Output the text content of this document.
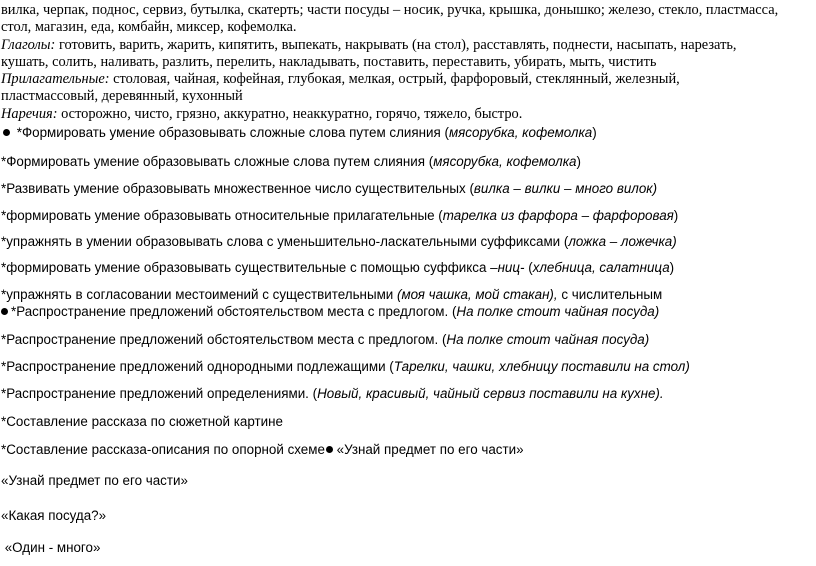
вилка, черпак, поднос, сервиз, бутылка, скатерть; части посуды – носик, ручка, крышка, донышко; железо, стекло, пластмасса,
стол, магазин, еда, комбайн, миксер, кофемолка.
Глаголы: готовить, варить, жарить, кипятить, выпекать, накрывать (на стол), расставлять, поднести, насыпать, нарезать,
кушать, солить, наливать, разлить, перелить, накладывать, поставить, переставить, убирать, мыть, чистить
Прилагательные: столовая, чайная, кофейная, глубокая, мелкая, острый, фарфоровый, стеклянный, железный,
пластмассовый, деревянный, кухонный
Наречия: осторожно, чисто, грязно, аккуратно, неаккуратно, горячо, тяжело, быстро.
*Формировать умение образовывать сложные слова путем слияния (мясорубка, кофемолка)
*Формировать умение образовывать сложные слова путем слияния (мясорубка, кофемолка)
*Развивать умение образовывать множественное число существительных (вилка – вилки – много вилок)
*формировать умение образовывать относительные прилагательные (тарелка из фарфора – фарфоровая)
*упражнять в умении образовывать слова с уменьшительно-ласкательными суффиксами (ложка – ложечка)
*формировать умение образовывать существительные с помощью суффикса –ниц- (хлебница, салатница)
*упражнять в согласовании местоимений с существительными (моя чашка, мой стакан), с числительным
*Распространение предложений обстоятельством места с предлогом. (На полке стоит чайная посуда)
*Распространение предложений обстоятельством места с предлогом. (На полке стоит чайная посуда)
*Распространение предложений однородными подлежащими (Тарелки, чашки, хлебницу поставили на стол)
*Распространение предложений определениями. (Новый, красивый, чайный сервиз поставили на кухне).
*Составление рассказа по сюжетной картине
*Составление рассказа-описания по опорной схеме «Узнай предмет по его части»
«Узнай предмет по его части»
«Какая посуда?»
«Один - много»
